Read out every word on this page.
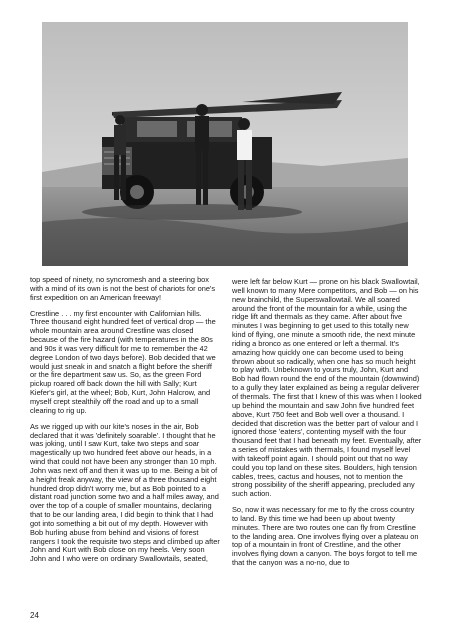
top speed of ninety, no syncromesh and a steering box with a mind of its own is not the best of chariots for one's first expedition on an American freeway!

Crestline . . . my first encounter with Californian hills. Three thousand eight hundred feet of vertical drop — the whole mountain area around Crestline was closed because of the fire hazard (with temperatures in the 80s and 90s it was very difficult for me to remember the 42 degree London of two days before). Bob decided that we would just sneak in and snatch a flight before the sheriff or the fire department saw us. So, as the green Ford pickup roared off back down the hill with Sally; Kurt Kiefer's girl, at the wheel; Bob, Kurt, John Halcrow, and myself crept stealthily off the road and up to a small clearing to rig up.

As we rigged up with our kite's noses in the air, Bob declared that it was 'definitely soarable'. I thought that he was joking, until I saw Kurt, take two steps and soar magestically up two hundred feet above our heads, in a wind that could not have been any stronger than 10 mph. John was next off and then it was up to me. Being a bit of a height freak anyway, the view of a three thousand eight hundred drop didn't worry me, but as Bob pointed to a distant road junction some two and a half miles away, and over the top of a couple of smaller mountains, declaring that to be our landing area, I did begin to think that I had got into something a bit out of my depth. However with Bob hurling abuse from behind and visions of forest rangers I took the requisite two steps and climbed up after John and Kurt with Bob close on my heels. Very soon John and I who were on ordinary Swallowtails, seated,

were left far below Kurt — prone on his black Swallowtail, well known to many Mere competitors, and Bob — on his new brainchild, the Superswallowtail. We all soared around the front of the mountain for a while, using the ridge lift and thermals as they came. After about five minutes I was beginning to get used to this totally new kind of flying, one minute a smooth ride, the next minute riding a bronco as one entered or left a thermal. It's amazing how quickly one can become used to being thrown about so radically, when one has so much height to play with. Unbeknown to yours truly, John, Kurt and Bob had flown round the end of the mountain (downwind) to a gully they later explained as being a regular deliverer of thermals. The first that I knew of this was when I looked up behind the mountain and saw John five hundred feet above, Kurt 750 feet and Bob well over a thousand. I decided that discretion was the better part of valour and I ignored those 'eaters', contenting myself with the four thousand feet that I had beneath my feet. Eventually, after a series of mistakes with thermals, I found myself level with takeoff point again. I should point out that no way could you top land on these sites. Boulders, high tension cables, trees, cactus and houses, not to mention the strong possibility of the sheriff appearing, precluded any such action.

So, now it was necessary for me to fly the cross country to land. By this time we had been up about twenty minutes. There are two routes one can fly from Crestline to the landing area. One involves flying over a plateau on top of a mountain in front of Crestline, and the other involves flying down a canyon. The boys forgot to tell me that the canyon was a no-no, due to

24
